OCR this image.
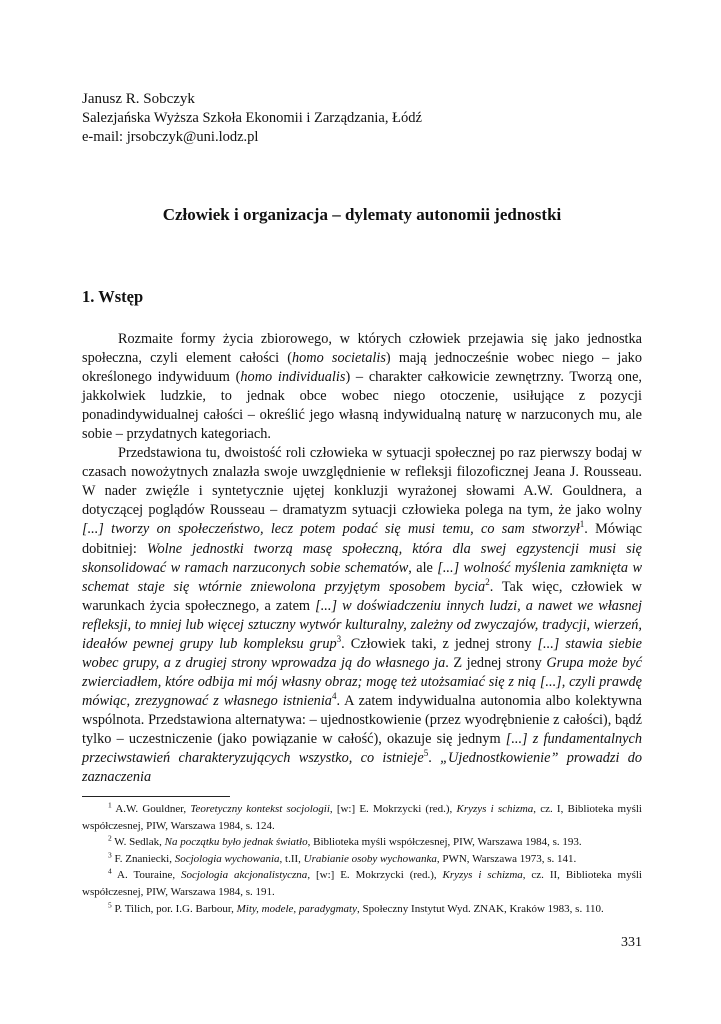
Janusz R. Sobczyk
Salezjańska Wyższa Szkoła Ekonomii i Zarządzania, Łódź
e-mail: jrsobczyk@uni.lodz.pl
Człowiek i organizacja – dylematy autonomii jednostki
1. Wstęp

Rozmaite formy życia zbiorowego, w których człowiek przejawia się jako jednostka społeczna, czyli element całości (homo societalis) mają jednocześnie wobec niego – jako określonego indywiduum (homo individualis) – charakter całkowicie zewnętrzny. Tworzą one, jakkolwiek ludzkie, to jednak obce wobec niego otoczenie, usiłujące z pozycji ponadindywidualnej całości – określić jego własną indywidualną naturę w narzuconych mu, ale sobie – przydatnych kategoriach.

Przedstawiona tu, dwoistość roli człowieka w sytuacji społecznej po raz pierwszy bodaj w czasach nowożytnych znalazła swoje uwzględnienie w refleksji filozoficznej Jeana J. Rousseau. W nader zwięźle i syntetycznie ujętej konkluzji wyrażonej słowami A.W. Gouldnera, a dotyczącej poglądów Rousseau – dramatyzm sytuacji człowieka polega na tym, że jako wolny [...] tworzy on społeczeństwo, lecz potem podać się musi temu, co sam stworzył$^1$. Mówiąc dobitniej: Wolne jednostki tworzą masę społeczną, która dla swej egzystencji musi się skonsolidować w ramach narzuconych sobie schematów, ale [...] wolność myślenia zamknięta w schemat staje się wtórnie zniewolona przyjętym sposobem bycia$^2$. Tak więc, człowiek w warunkach życia społecznego, a zatem [...] w doświadczeniu innych ludzi, a nawet we własnej refleksji, to mniej lub więcej sztuczny wytwór kulturalny, zależny od zwyczajów, tradycji, wierzeń, ideałów pewnej grupy lub kompleksu grup$^3$. Człowiek taki, z jednej strony [...] stawia siebie wobec grupy, a z drugiej strony wprowadza ją do własnego ja. Z jednej strony Grupa może być zwierciadłem, które odbija mi mój własny obraz; mogę też utożsamiać się z nią [...], czyli prawdę mówiąc, zrezygnować z własnego istnienia$^4$. A zatem indywidualna autonomia albo kolektywna wspólnota. Przedstawiona alternatywa: – ujednostkowienie (przez wyodrębnienie z całości), bądź tylko – uczestniczenie (jako powiązanie w całość), okazuje się jednym [...] z fundamentalnych przeciwstawień charakteryzujących wszystko, co istnieje$^5$. „Ujednostkowienie” prowadzi do zaznaczenia

$^1$ A.W. Gouldner, Teoretyczny kontekst socjologii, [w:] E. Mokrzycki (red.), Kryzys i schizma, cz. I, Biblioteka myśli współczesnej, PIW, Warszawa 1984, s. 124.
$^2$ W. Sedlak, Na początku było jednak światło, Biblioteka myśli współczesnej, PIW, Warszawa 1984, s. 193.
$^3$ F. Znaniecki, Socjologia wychowania, t.II, Urabianie osoby wychowanka, PWN, Warszawa 1973, s. 141.
$^4$ A. Touraine, Socjologia akcjonalistyczna, [w:] E. Mokrzycki (red.), Kryzys i schizma, cz. II, Biblioteka myśli współczesnej, PIW, Warszawa 1984, s. 191.
$^5$ P. Tilich, por. I.G. Barbour, Mity, modele, paradygmaty, Społeczny Instytut Wyd. ZNAK, Kraków 1983, s. 110.
331
